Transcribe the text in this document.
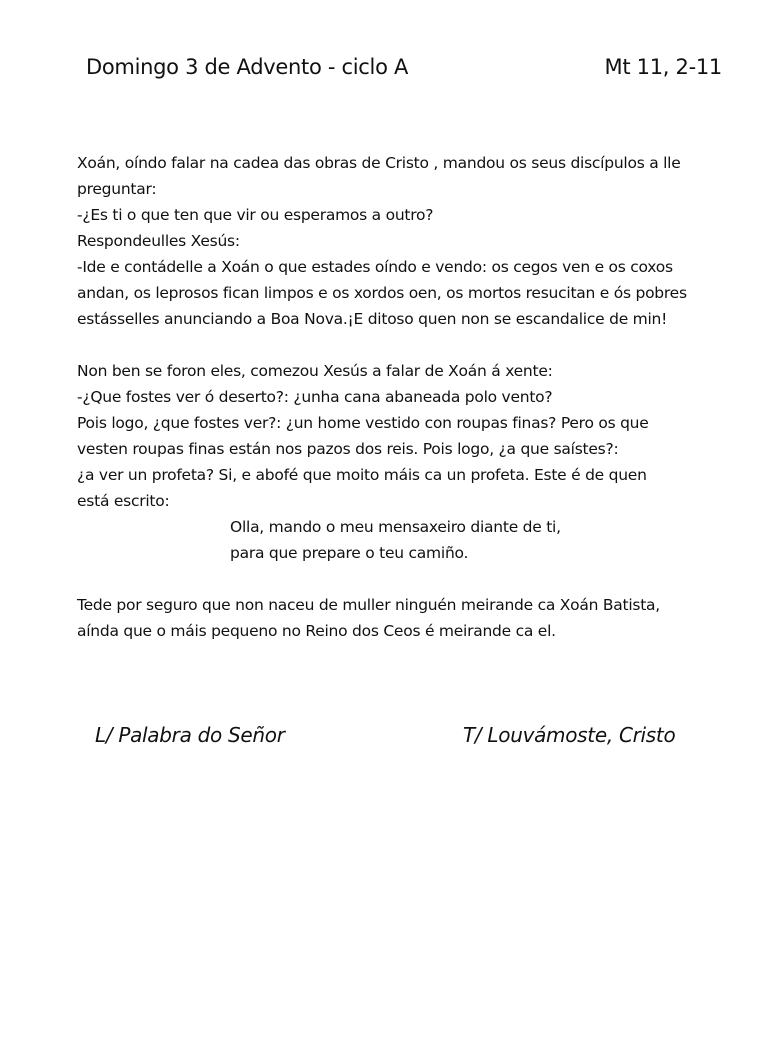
Domingo 3 de Advento - ciclo A	Mt 11, 2-11

Xoán, oíndo falar na cadea das obras de Cristo , mandou os seus discípulos a lle
preguntar:
-¿Es ti o que ten que vir ou esperamos a outro?
Respondeulles Xesús:
-Ide e contádelle a Xoán o que estades oíndo e vendo: os cegos ven e os coxos
andan, os leprosos fican limpos e os xordos oen, os mortos resucitan e ós pobres
estásselles anunciando a Boa Nova.¡E ditoso quen non se escandalice de min!

Non ben se foron eles, comezou Xesús a falar de Xoán á xente:
-¿Que fostes ver ó deserto?: ¿unha cana abaneada polo vento?
Pois logo, ¿que fostes ver?: ¿un home vestido con roupas finas? Pero os que
vesten roupas finas están nos pazos dos reis. Pois logo, ¿a que saístes?:
¿a ver un profeta? Si, e abofé que moito máis ca un profeta. Este é de quen
está escrito:

Olla, mando o meu mensaxeiro diante de ti,
para que prepare o teu camiño.

Tede por seguro que non naceu de muller ninguén meirande ca Xoán Batista,
aínda que o máis pequeno no Reino dos Ceos é meirande ca el.

L/ Palabra do Señor	T/ Louvámoste, Cristo
